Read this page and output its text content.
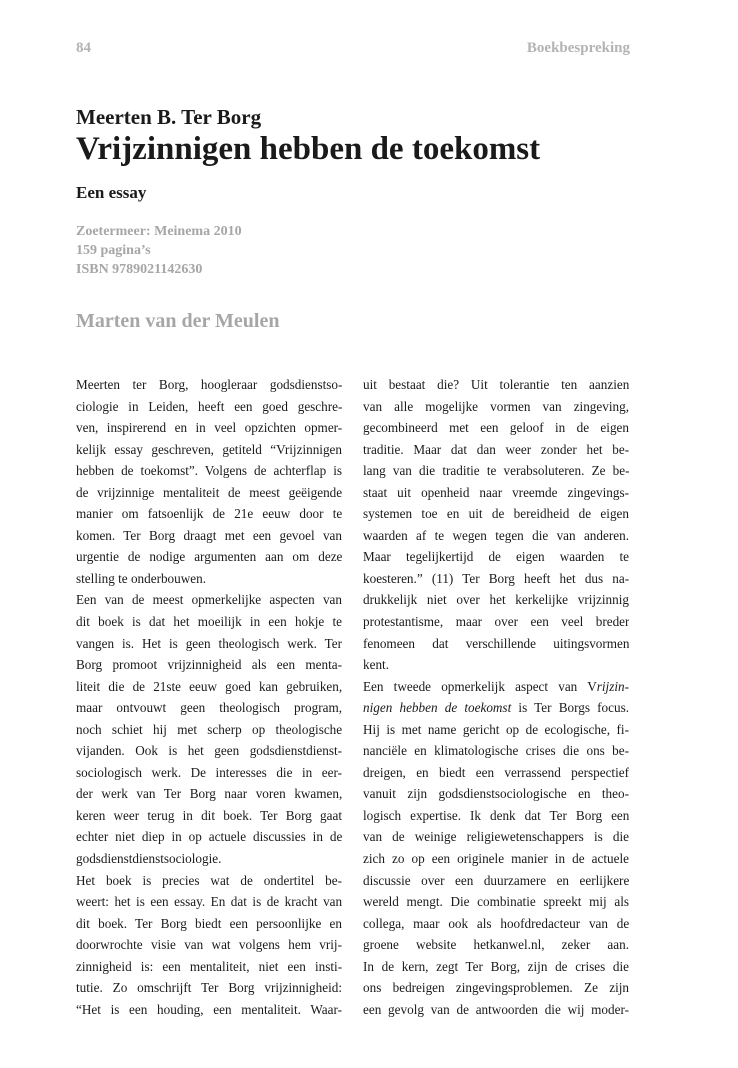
84	Boekbespreking
Meerten B. Ter Borg
Vrijzinnigen hebben de toekomst
Een essay
Zoetermeer: Meinema 2010
159 pagina’s
ISBN 9789021142630
Marten van der Meulen
Meerten ter Borg, hoogleraar godsdienstso-
ciologie in Leiden, heeft een goed geschre-
ven, inspirerend en in veel opzichten opmer-
kelijk essay geschreven, getiteld “Vrijzinnigen
hebben de toekomst”. Volgens de achterflap is
de vrijzinnige mentaliteit de meest geëigende
manier om fatsoenlijk de 21e eeuw door te
komen. Ter Borg draagt met een gevoel van
urgentie de nodige argumenten aan om deze
stelling te onderbouwen.
Een van de meest opmerkelijke aspecten van
dit boek is dat het moeilijk in een hokje te
vangen is. Het is geen theologisch werk. Ter
Borg promoot vrijzinnigheid als een menta-
liteit die de 21ste eeuw goed kan gebruiken,
maar ontvouwt geen theologisch program,
noch schiet hij met scherp op theologische
vijanden. Ook is het geen godsdienstdienst-
sociologisch werk. De interesses die in eer-
der werk van Ter Borg naar voren kwamen,
keren weer terug in dit boek. Ter Borg gaat
echter niet diep in op actuele discussies in de
godsdienstdienstsociologie.
Het boek is precies wat de ondertitel be-
weert: het is een essay. En dat is de kracht van
dit boek. Ter Borg biedt een persoonlijke en
doorwrochte visie van wat volgens hem vrij-
zinnigheid is: een mentaliteit, niet een insti-
tutie. Zo omschrijft Ter Borg vrijzinnigheid:
“Het is een houding, een mentaliteit. Waar-
uit bestaat die? Uit tolerantie ten aanzien
van alle mogelijke vormen van zingeving,
gecombineerd met een geloof in de eigen
traditie. Maar dat dan weer zonder het be-
lang van die traditie te verabsoluteren. Ze be-
staat uit openheid naar vreemde zingevings-
systemen toe en uit de bereidheid de eigen
waarden af te wegen tegen die van anderen.
Maar tegelijkertijd de eigen waarden te
koesteren.” (11) Ter Borg heeft het dus na-
drukkelijk niet over het kerkelijke vrijzinnig
protestantisme, maar over een veel breder
fenomeen dat verschillende uitingsvormen
kent.
Een tweede opmerkelijk aspect van Vrijzin-
nigen hebben de toekomst is Ter Borgs focus.
Hij is met name gericht op de ecologische, fi-
nanciële en klimatologische crises die ons be-
dreigen, en biedt een verrassend perspectief
vanuit zijn godsdienstsociologische en theo-
logisch expertise. Ik denk dat Ter Borg een
van de weinige religiewetenschappers is die
zich zo op een originele manier in de actuele
discussie over een duurzamere en eerlijkere
wereld mengt. Die combinatie spreekt mij als
collega, maar ook als hoofdredacteur van de
groene website hetkanwel.nl, zeker aan.
In de kern, zegt Ter Borg, zijn de crises die
ons bedreigen zingevingsproblemen. Ze zijn
een gevolg van de antwoorden die wij moder-
